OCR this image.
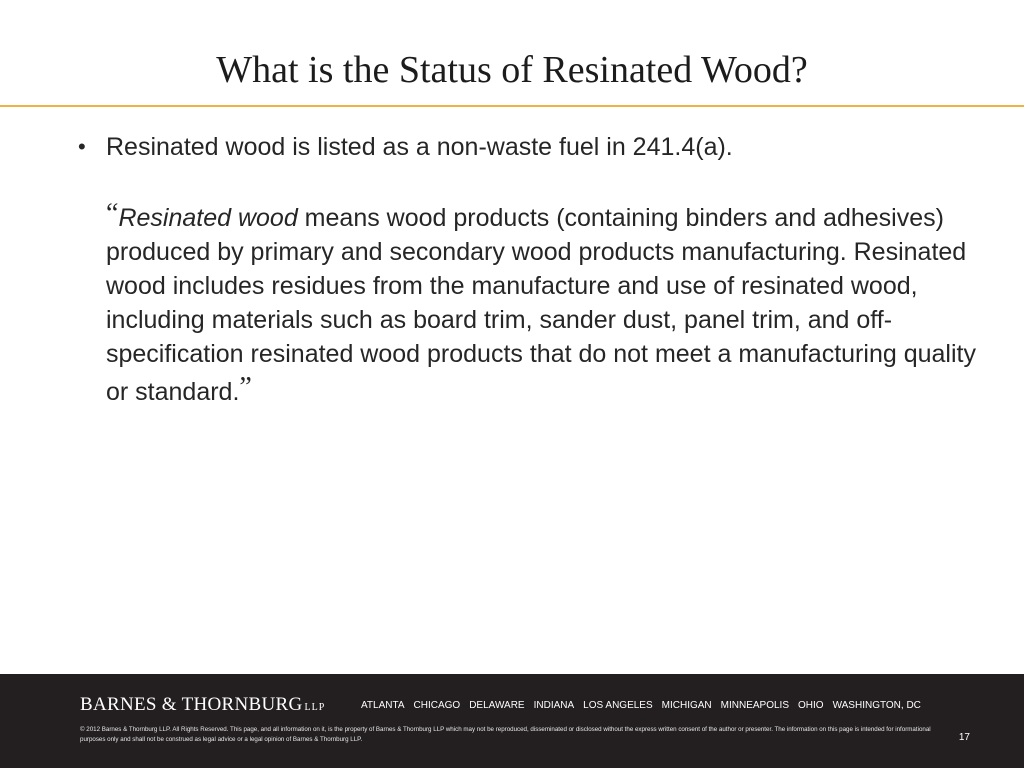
What is the Status of Resinated Wood?
• Resinated wood is listed as a non-waste fuel in 241.4(a).
“Resinated wood means wood products (containing binders and adhesives) produced by primary and secondary wood products manufacturing. Resinated wood includes residues from the manufacture and use of resinated wood, including materials such as board trim, sander dust, panel trim, and off-specification resinated wood products that do not meet a manufacturing quality or standard.”
BARNES & THORNBURG LLP	ATLANTA CHICAGO DELAWARE INDIANA LOS ANGELES MICHIGAN MINNEAPOLIS OHIO WASHINGTON, DC
© 2012 Barnes & Thornburg LLP. All Rights Reserved. This page, and all information on it, is the property of Barnes & Thornburg LLP which may not be reproduced, disseminated or disclosed without the express written consent of the author or presenter. The information on this page is intended for informational purposes only and shall not be construed as legal advice or a legal opinion of Barnes & Thornburg LLP.	17
